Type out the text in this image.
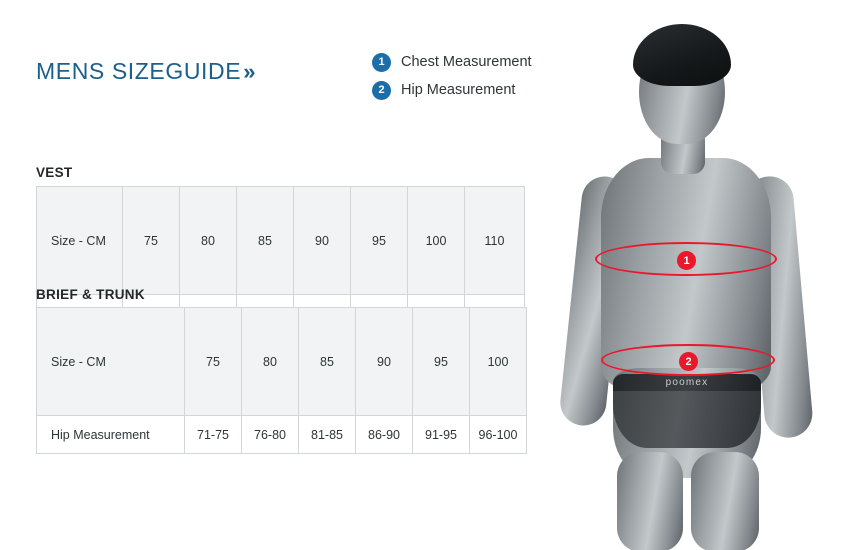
MENS SIZEGUIDE»	1	Chest Measurement
2	Hip Measurement
VEST
Size - CM	75	80	85	90	95	100	110

BRIEF & TRUNK
Size - CM	75	80	85	90	95	100
Hip Measurement	71-75	76-80	81-85	86-90	91-95	96-100
poomex
1
2
